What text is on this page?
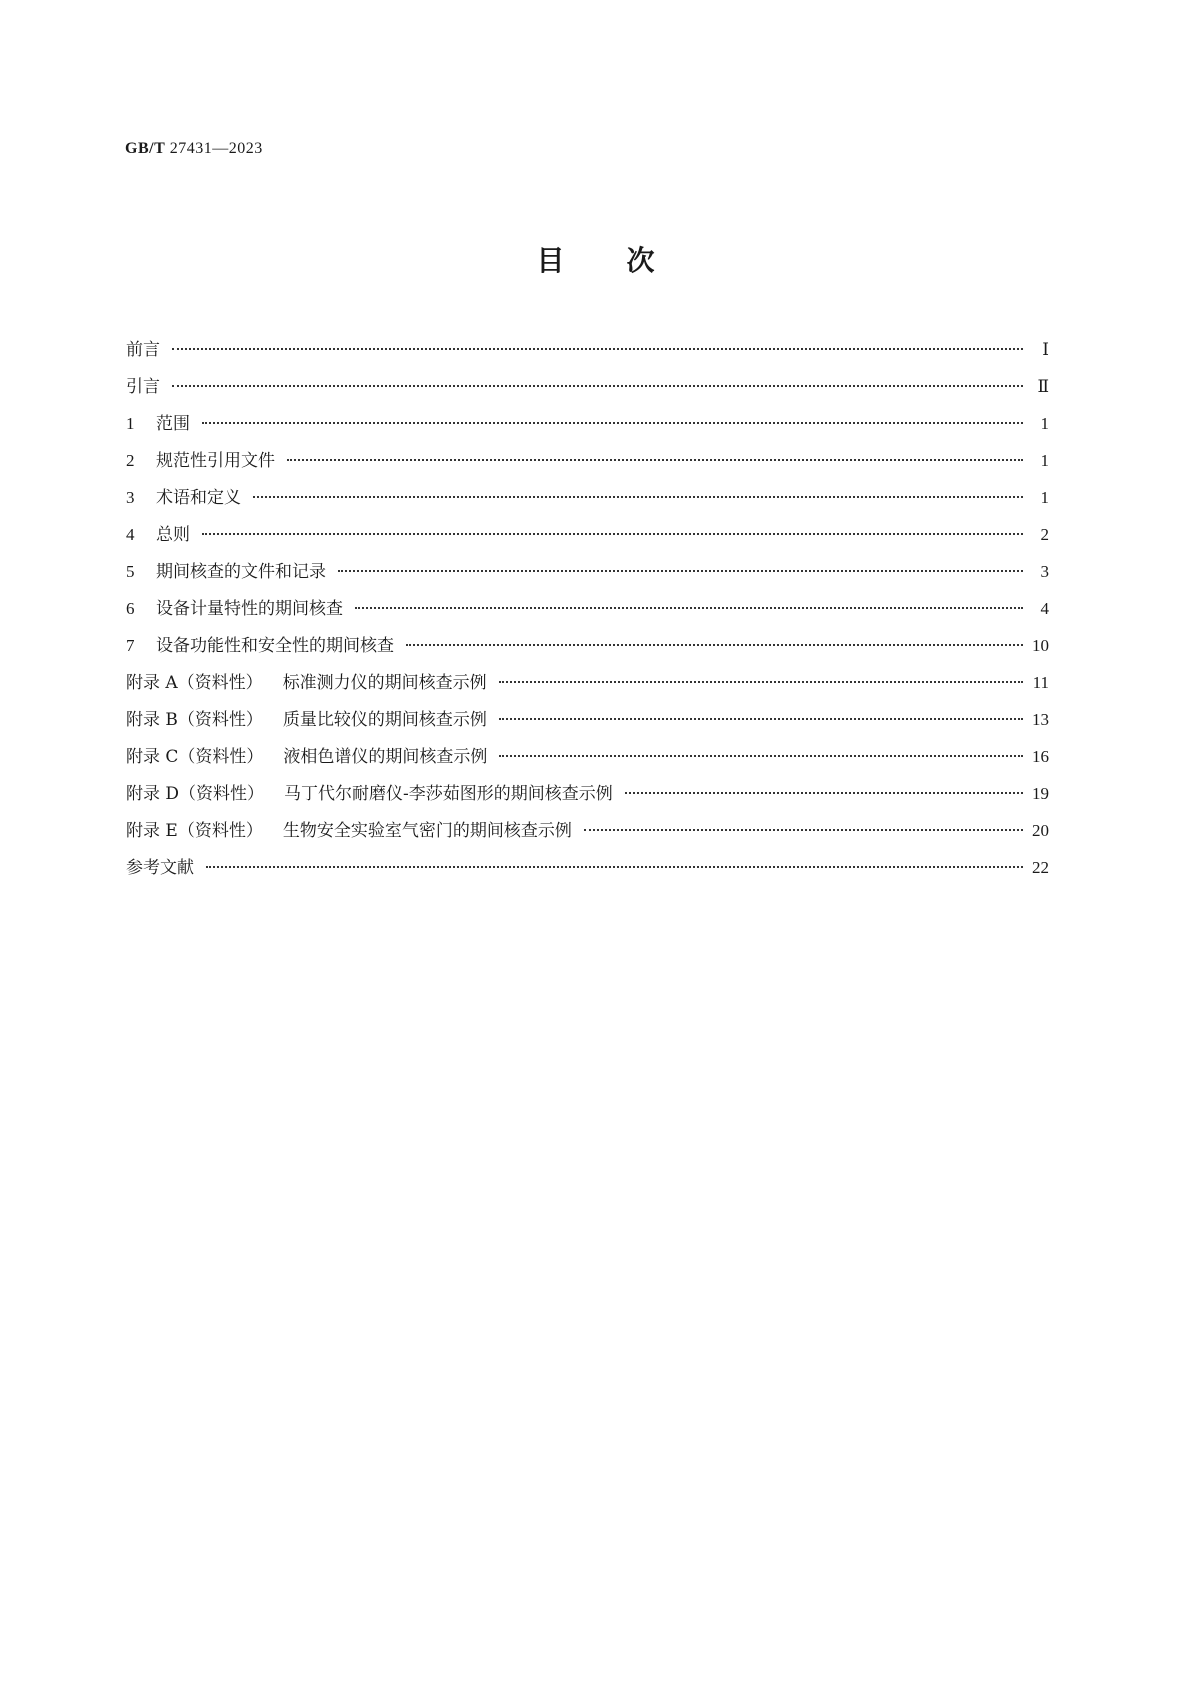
GB/T 27431—2023
目次
前言	Ⅰ
引言	Ⅱ
1	范围	1
2	规范性引用文件	1
3	术语和定义	1
4	总则	2
5	期间核查的文件和记录	3
6	设备计量特性的期间核查	4
7	设备功能性和安全性的期间核查	10
附录 A（资料性） 标准测力仪的期间核查示例	11
附录 B（资料性） 质量比较仪的期间核查示例	13
附录 C（资料性） 液相色谱仪的期间核查示例	16
附录 D（资料性） 马丁代尔耐磨仪-李莎茹图形的期间核查示例	19
附录 E（资料性） 生物安全实验室气密门的期间核查示例	20
参考文献	22
